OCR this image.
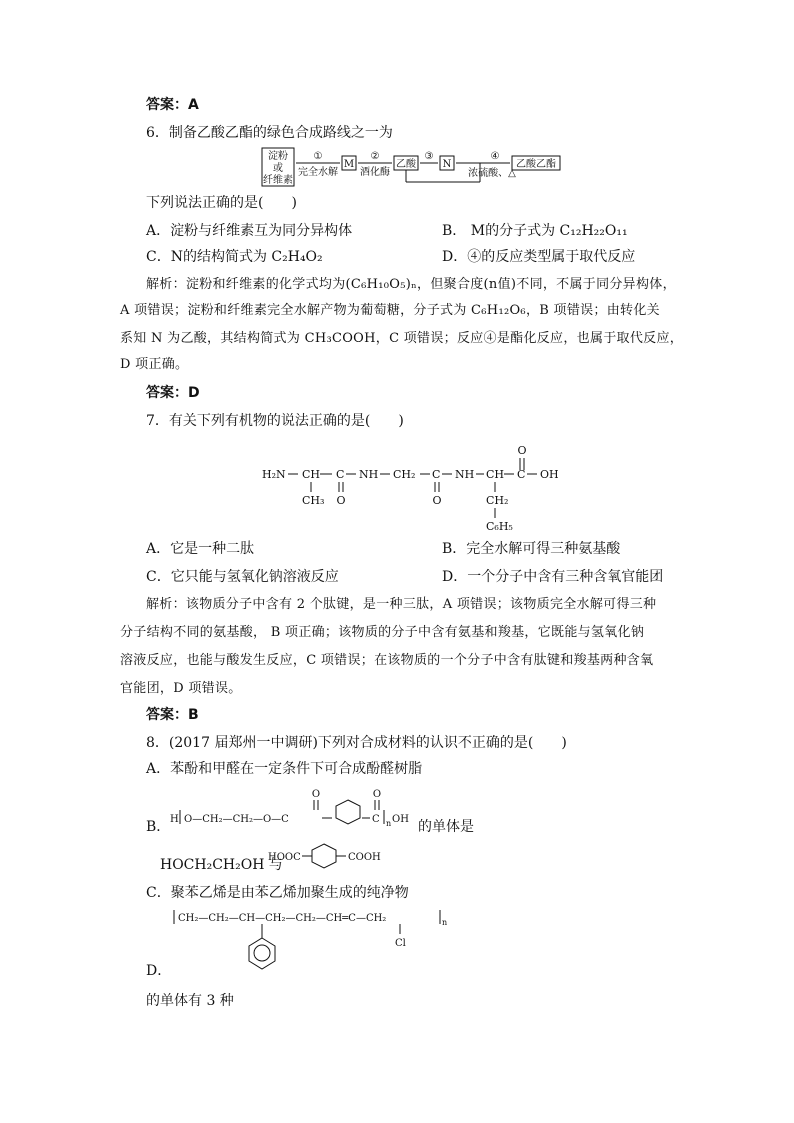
答案：A
6．制备乙酸乙酯的绿色合成路线之一为
淀粉
或
纤维素
①
完全水解
M
②
酒化酶
乙酸
③
N
④
浓硫酸、△
乙酸乙酯
下列说法正确的是(　　)
A．淀粉与纤维素互为同分异构体	B． M的分子式为 C₁₂H₂₂O₁₁
C．N的结构简式为 C₂H₄O₂	D．④的反应类型属于取代反应
解析：淀粉和纤维素的化学式均为(C₆H₁₀O₅)ₙ，但聚合度(n值)不同，不属于同分异构体，
A 项错误；淀粉和纤维素完全水解产物为葡萄糖，分子式为 C₆H₁₂O₆，B 项错误；由转化关
系知 N 为乙酸，其结构简式为 CH₃COOH，C 项错误；反应④是酯化反应，也属于取代反应，
D 项正确。
答案：D
7．有关下列有机物的说法正确的是(　　)
O
H₂N CH C NH CH₂ C NH CH C OH
CH₃ O	O	CH₂
C₆H₅
A．它是一种二肽	B．完全水解可得三种氨基酸
C．它只能与氢氧化钠溶液反应	D．一个分子中含有三种含氧官能团
解析：该物质分子中含有 2 个肽键，是一种三肽，A 项错误；该物质完全水解可得三种
分子结构不同的氨基酸， B 项正确；该物质的分子中含有氨基和羧基，它既能与氢氧化钠
溶液反应，也能与酸发生反应，C 项错误；在该物质的一个分子中含有肽键和羧基两种含氧
官能团，D 项错误。
答案：B
8．(2017 届郑州一中调研)下列对合成材料的认识不正确的是(　　)
A．苯酚和甲醛在一定条件下可合成酚醛树脂
B．
O	O
H O—CH₂—CH₂—O—C	C n OH 的单体是
HOCH₂CH₂OH 与
HOOC	COOH
C．聚苯乙烯是由苯乙烯加聚生成的纯净物
CH₂—CH₂—CH—CH₂—CH₂—CH═C—CH₂	n
Cl
D．
的单体有 3 种
